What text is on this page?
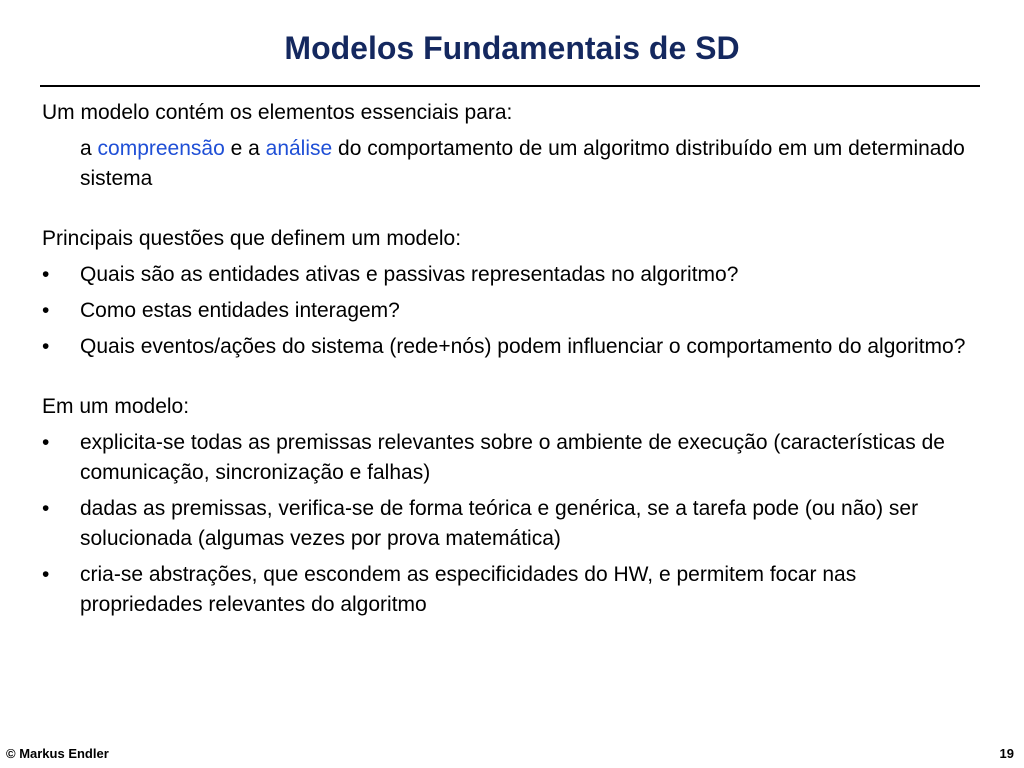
Modelos Fundamentais de SD

Um modelo contém os elementos essenciais para:

a compreensão e a análise do comportamento de um algoritmo distribuído em um determinado sistema

Principais questões que definem um modelo:

• Quais são as entidades ativas e passivas representadas no algoritmo?
• Como estas entidades interagem?
• Quais eventos/ações do sistema (rede+nós) podem influenciar o comportamento do algoritmo?

Em um modelo:

• explicita-se todas as premissas relevantes sobre o ambiente de execução (características de comunicação, sincronização e falhas)
• dadas as premissas, verifica-se de forma teórica e genérica, se a tarefa pode (ou não) ser solucionada (algumas vezes por prova matemática)
• cria-se abstrações, que escondem as especificidades do HW, e permitem focar nas propriedades relevantes do algoritmo
© Markus Endler	19
